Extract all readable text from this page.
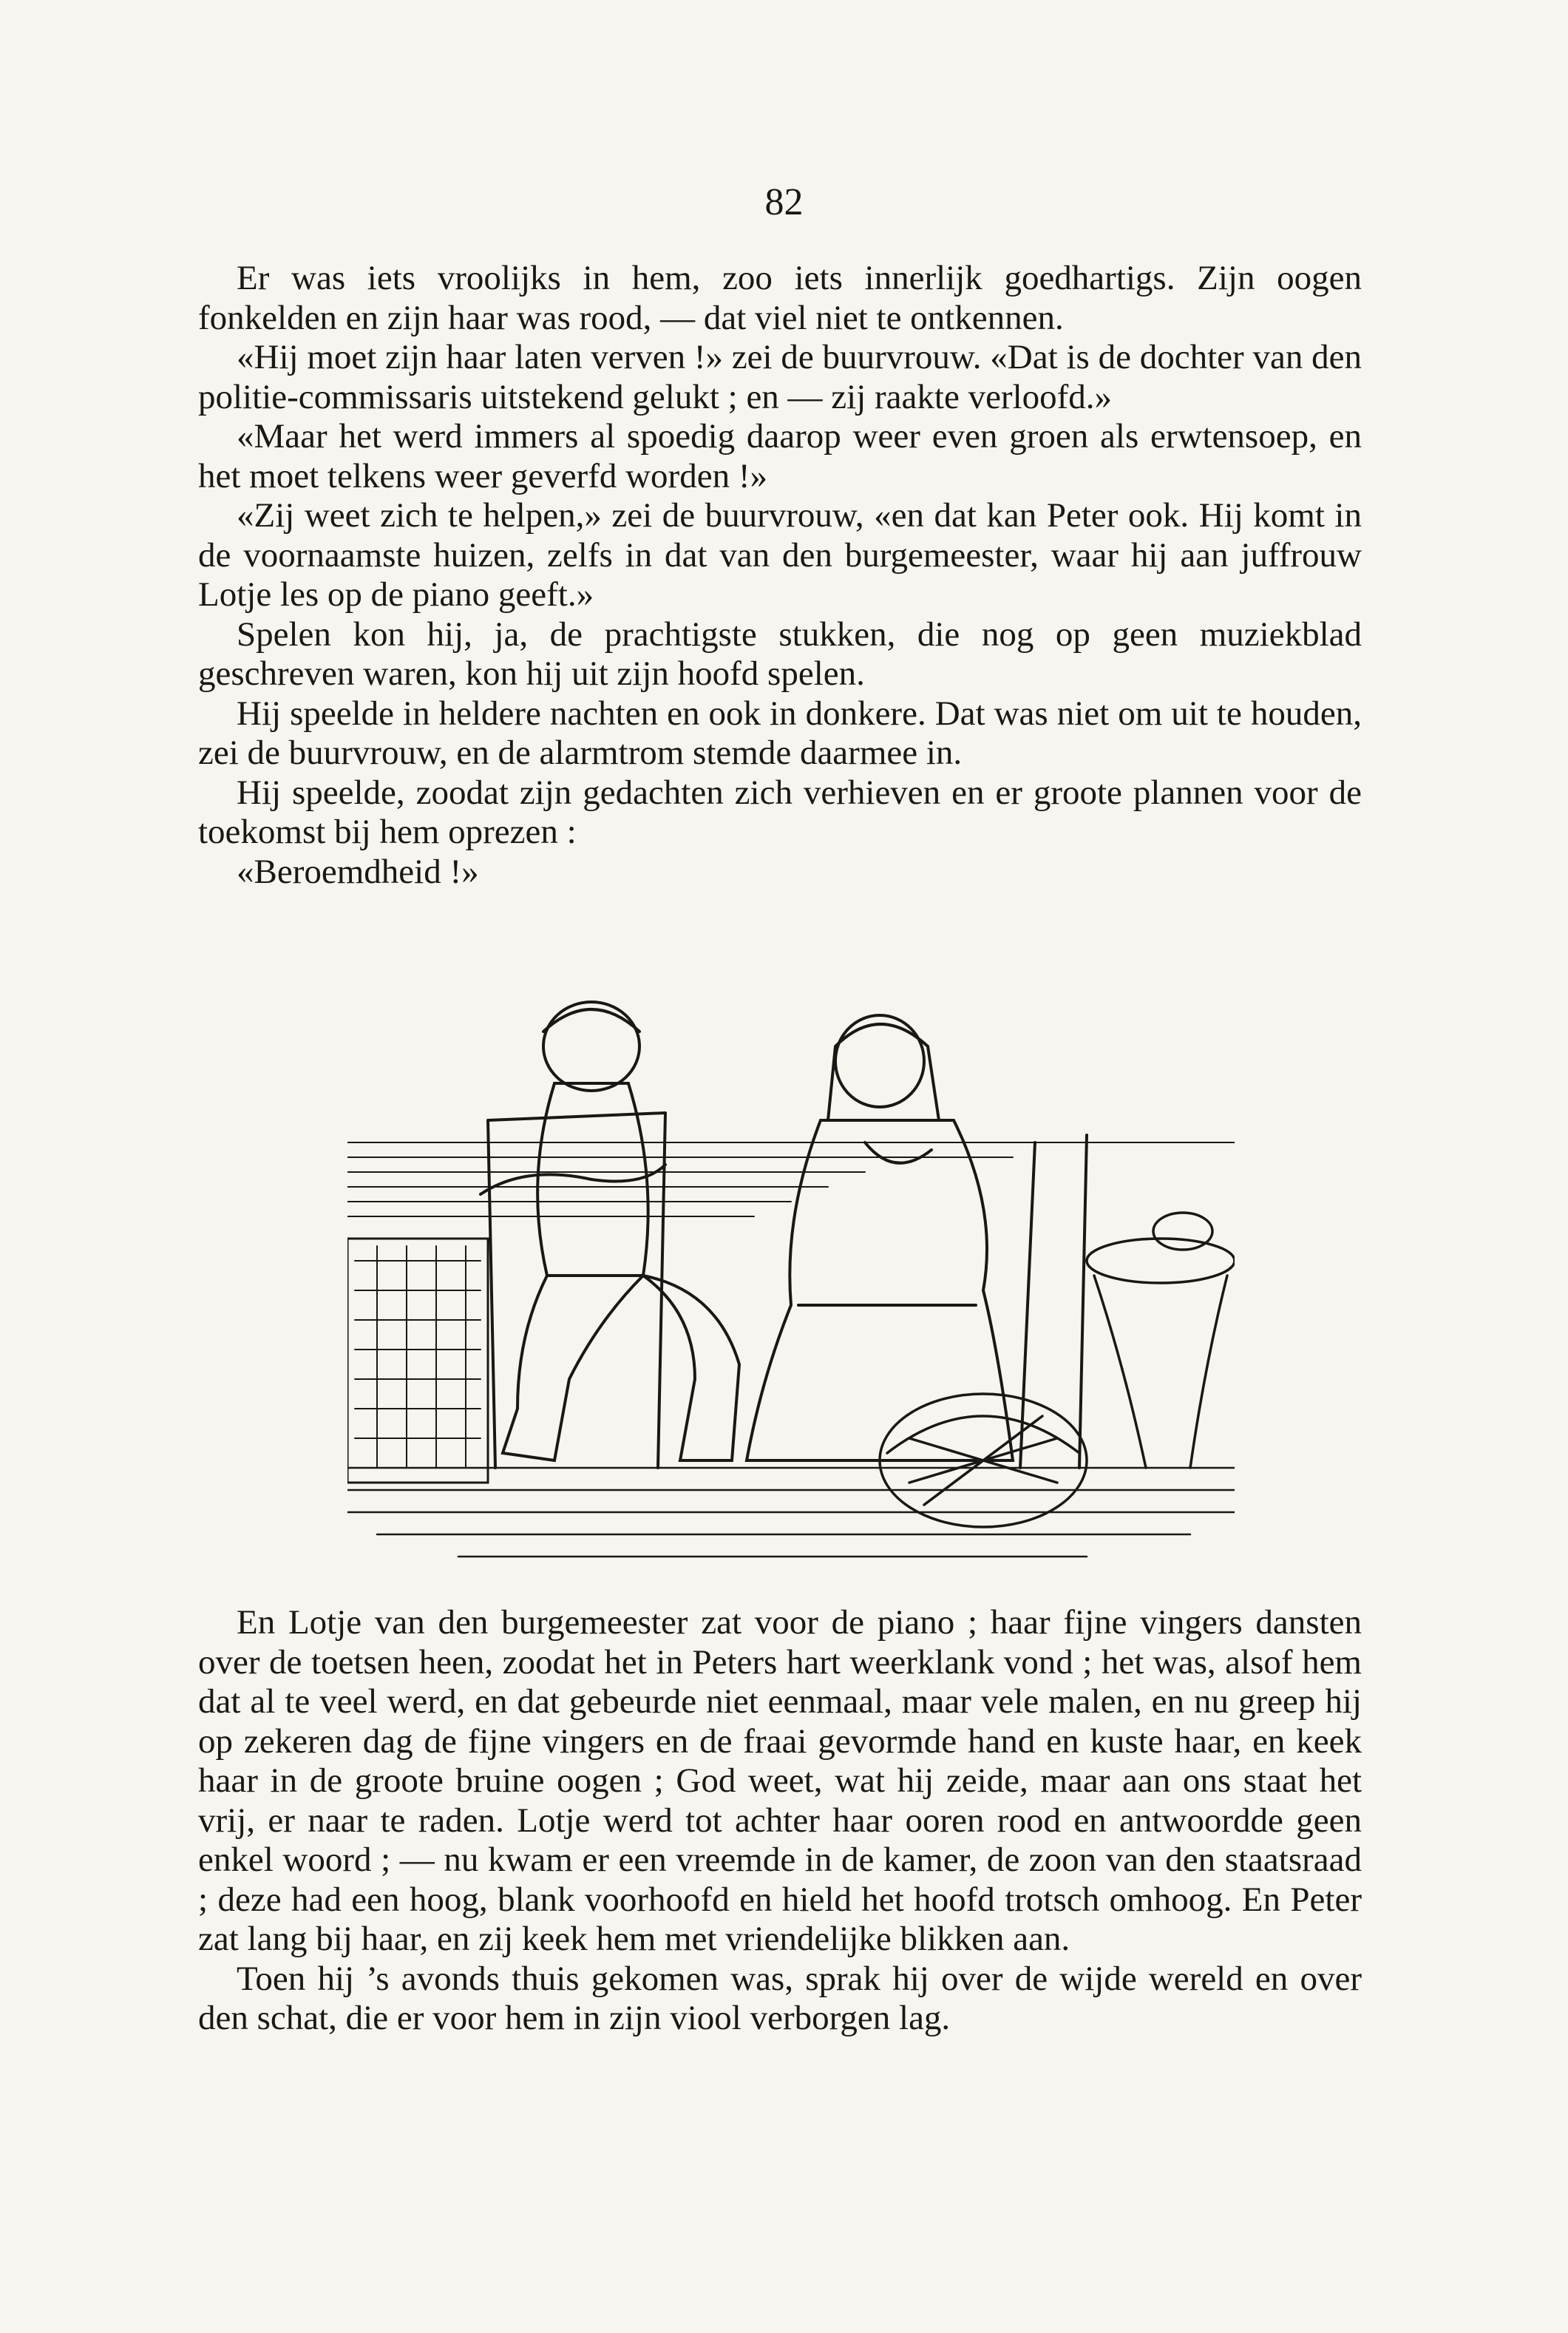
82

Er was iets vroolijks in hem, zoo iets innerlijk goedhartigs. Zijn oogen fonkelden en zijn haar was rood, — dat viel niet te ontkennen.

«Hij moet zijn haar laten verven !» zei de buurvrouw. «Dat is de dochter van den politie-commissaris uitstekend gelukt ; en — zij raakte verloofd.»

«Maar het werd immers al spoedig daarop weer even groen als erwtensoep, en het moet telkens weer geverfd worden !»

«Zij weet zich te helpen,» zei de buurvrouw, «en dat kan Peter ook. Hij komt in de voornaamste huizen, zelfs in dat van den burgemeester, waar hij aan juffrouw Lotje les op de piano geeft.»

Spelen kon hij, ja, de prachtigste stukken, die nog op geen muziekblad geschreven waren, kon hij uit zijn hoofd spelen.

Hij speelde in heldere nachten en ook in donkere. Dat was niet om uit te houden, zei de buurvrouw, en de alarmtrom stemde daarmee in.

Hij speelde, zoodat zijn gedachten zich verhieven en er groote plannen voor de toekomst bij hem oprezen :

«Beroemdheid !»

En Lotje van den burgemeester zat voor de piano ; haar fijne vingers dansten over de toetsen heen, zoodat het in Peters hart weerklank vond ; het was, alsof hem dat al te veel werd, en dat gebeurde niet eenmaal, maar vele malen, en nu greep hij op zekeren dag de fijne vingers en de fraai gevormde hand en kuste haar, en keek haar in de groote bruine oogen ; God weet, wat hij zeide, maar aan ons staat het vrij, er naar te raden. Lotje werd tot achter haar ooren rood en antwoordde geen enkel woord ; — nu kwam er een vreemde in de kamer, de zoon van den staatsraad ; deze had een hoog, blank voorhoofd en hield het hoofd trotsch omhoog. En Peter zat lang bij haar, en zij keek hem met vriendelijke blikken aan.

Toen hij ’s avonds thuis gekomen was, sprak hij over de wijde wereld en over den schat, die er voor hem in zijn viool verborgen lag.
